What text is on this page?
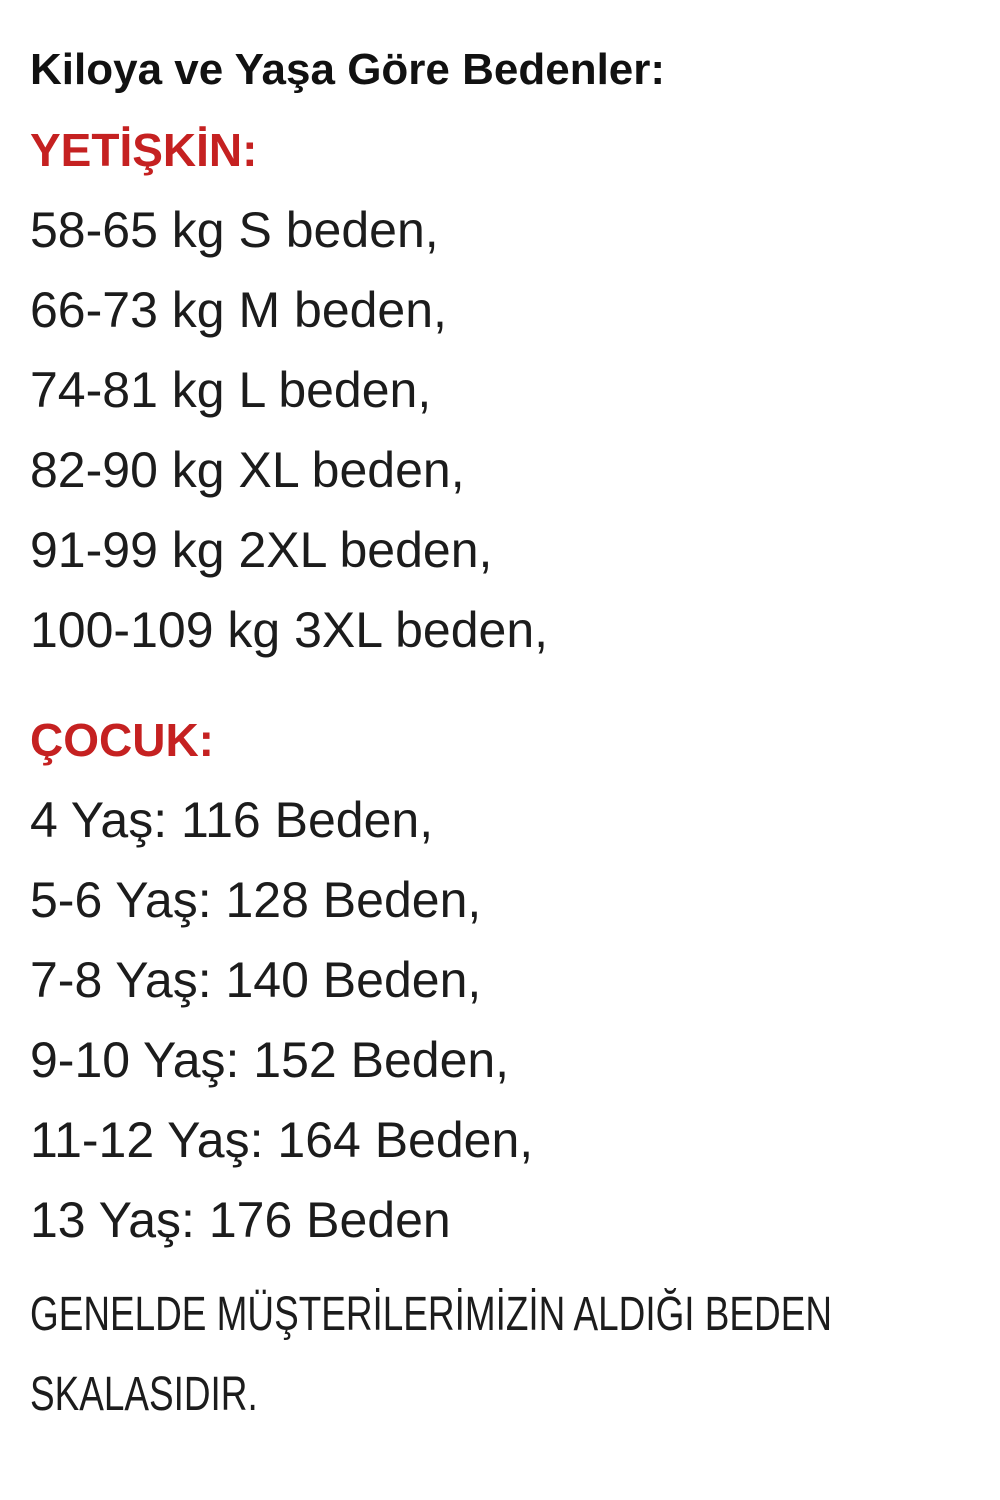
Kiloya ve Yaşa Göre Bedenler:
YETİŞKİN:
58-65 kg S beden,
66-73 kg M beden,
74-81 kg L beden,
82-90 kg XL beden,
91-99 kg 2XL beden,
100-109 kg 3XL beden,
ÇOCUK:
4 Yaş: 116 Beden,
5-6 Yaş: 128 Beden,
7-8 Yaş: 140 Beden,
9-10 Yaş: 152 Beden,
11-12 Yaş: 164 Beden,
13 Yaş: 176 Beden
GENELDE MÜŞTERİLERİMİZİN ALDIĞI BEDEN SKALASIDIR.
